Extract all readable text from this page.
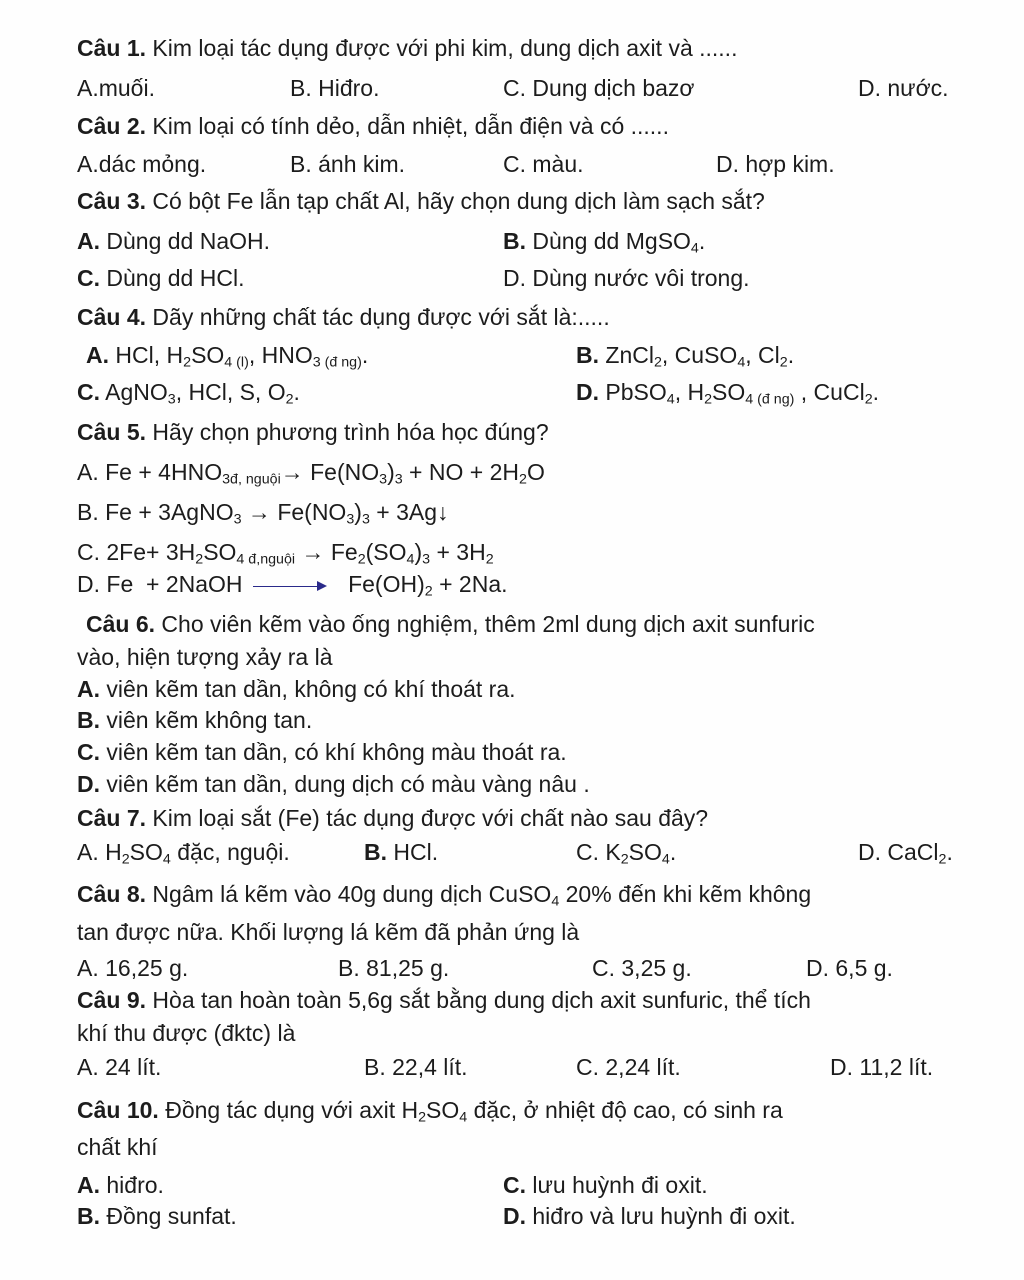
Câu 1. Kim loại tác dụng được với phi kim, dung dịch axit và ......
A.muối.	B. Hiđro.	C. Dung dịch bazơ	D. nước.
Câu 2. Kim loại có tính dẻo, dẫn nhiệt, dẫn điện và có ......
A.dác mỏng.	B. ánh kim.	C. màu.	D. hợp kim.
Câu 3. Có bột Fe lẫn tạp chất Al, hãy chọn dung dịch làm sạch sắt?
A. Dùng dd NaOH.	B. Dùng dd MgSO$_4$.
C. Dùng dd HCl.	D. Dùng nước vôi trong.
Câu 4. Dãy những chất tác dụng được với sắt là:.....
A. HCl, $H_2SO_{4 (l)}$, $HNO_{3 (đ ng)}$.	B. ZnCl$_2$, CuSO$_4$, $Cl_2$.
C. AgNO$_3$, HCl, S, $O_2$.	D. PbSO$_4$, $H_2SO_{4 (đ ng)}$ , CuCl$_2$.
Câu 5. Hãy chọn phương trình hóa học đúng?
A. $Fe + 4HNO_{3đ, nguội}\to Fe(NO_3)_3$ + NO + $2H_2O$
B. Fe + 3AgNO$_3$ → $Fe(NO_3)_3$ + 3Ag↓
C. $2Fe+ 3H_2SO_{4 đ,nguội} \to Fe_2(SO_4)_3 + 3H_2$
D. Fe  + 2NaOH	$Fe(OH)_2 + 2Na$.
Câu 6. Cho viên kẽm vào ống nghiệm, thêm 2ml dung dịch axit sunfuric
vào, hiện tượng xảy ra là
A. viên kẽm tan dần, không có khí thoát ra.
B. viên kẽm không tan.
C. viên kẽm tan dần, có khí không màu thoát ra.
D. viên kẽm tan dần, dung dịch có màu vàng nâu .
Câu 7. Kim loại sắt (Fe) tác dụng được với chất nào sau đây?
A. $H_2SO_4$ đặc, nguội.	B. HCl.	C. $K_2SO_4$.	D. CaCl$_2$.
Câu 8. Ngâm lá kẽm vào 40g dung dịch CuSO$_4$ 20% đến khi kẽm không
tan được nữa. Khối lượng lá kẽm đã phản ứng là
A. 16,25 g.	B. 81,25 g.	C. 3,25 g.	D. 6,5 g.
Câu 9. Hòa tan hoàn toàn 5,6g sắt bằng dung dịch axit sunfuric, thể tích
khí thu được (đktc) là
A. 24 lít.	B. 22,4 lít.	C. 2,24 lít.	D. 11,2 lít.
Câu 10. Đồng tác dụng với axit $H_2SO_4$ đặc, ở nhiệt độ cao, có sinh ra
chất khí
A. hiđro.	C. lưu huỳnh đi oxit.
B. Đồng sunfat.	D. hiđro và lưu huỳnh đi oxit.
